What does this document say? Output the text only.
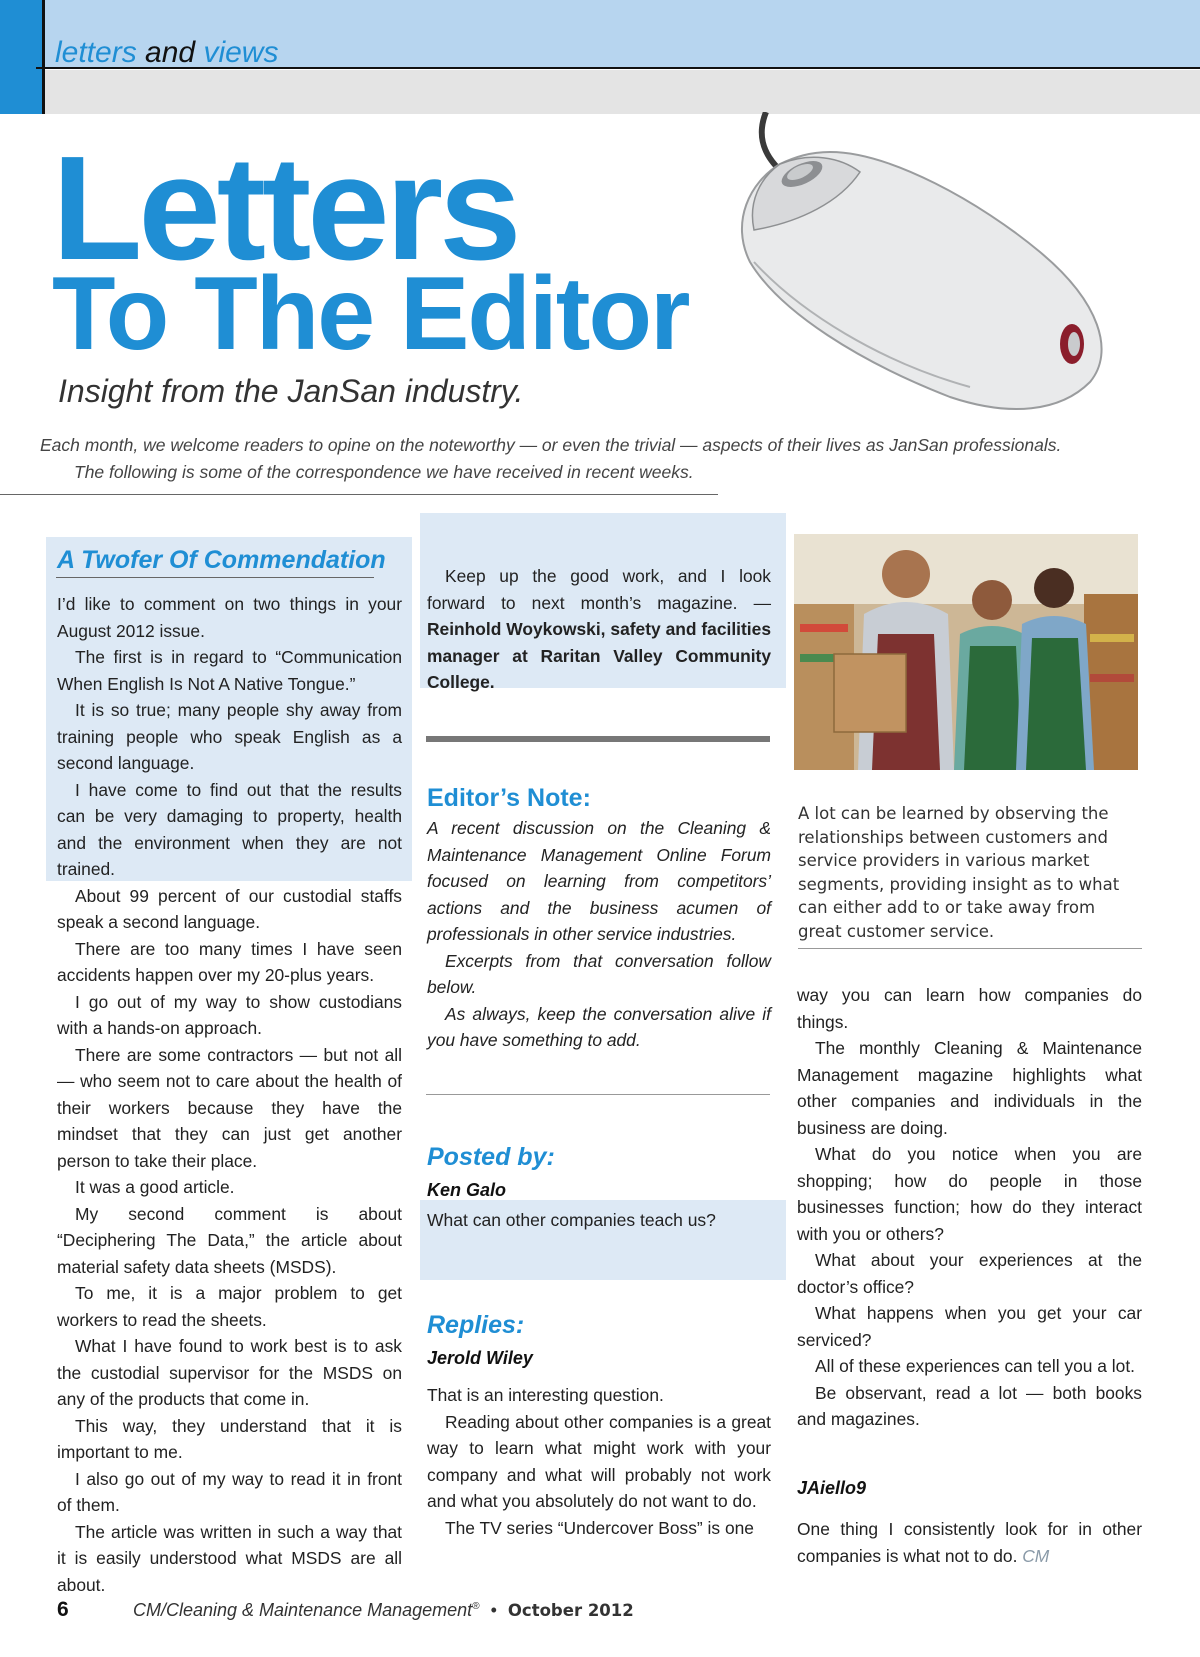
letters and views
Letters
To The Editor
Insight from the JanSan industry.
Each month, we welcome readers to opine on the noteworthy — or even the trivial — aspects of their lives as JanSan professionals.
The following is some of the correspondence we have received in recent weeks.
A Twofer Of Commendation

I’d like to comment on two things in your August 2012 issue.

The first is in regard to “Communication When English Is Not A Native Tongue.”

It is so true; many people shy away from training people who speak English as a second language.

I have come to find out that the results can be very damaging to property, health and the environment when they are not trained.

About 99 percent of our custodial staffs speak a second language.

There are too many times I have seen accidents happen over my 20-plus years.

I go out of my way to show custodians with a hands-on approach.

There are some contractors — but not all — who seem not to care about the health of their workers because they have the mindset that they can just get another person to take their place.

It was a good article.

My second comment is about “Deciphering The Data,” the article about material safety data sheets (MSDS).

To me, it is a major problem to get workers to read the sheets.

What I have found to work best is to ask the custodial supervisor for the MSDS on any of the products that come in.

This way, they understand that it is important to me.

I also go out of my way to read it in front of them.

The article was written in such a way that it is easily understood what MSDS are all about.

Keep up the good work, and I look forward to next month’s magazine. — Reinhold Woykowski, safety and facilities manager at Raritan Valley Community College.

Editor’s Note:

A recent discussion on the Cleaning & Maintenance Management Online Forum focused on learning from competitors’ actions and the business acumen of professionals in other service industries.

Excerpts from that conversation follow below.

As always, keep the conversation alive if you have something to add.

Posted by:
Ken Galo
What can other companies teach us?
Replies:
Jerold Wiley

That is an interesting question.

Reading about other companies is a great way to learn what might work with your company and what will probably not work and what you absolutely do not want to do.

The TV series “Undercover Boss” is one

A lot can be learned by observing the relationships between customers and service providers in various market segments, providing insight as to what can either add to or take away from great customer service.

way you can learn how companies do things.

The monthly Cleaning & Maintenance Management magazine highlights what other companies and individuals in the business are doing.

What do you notice when you are shopping; how do people in those businesses function; how do they interact with you or others?

What about your experiences at the doctor’s office?

What happens when you get your car serviced?

All of these experiences can tell you a lot.

Be observant, read a lot — both books and magazines.

JAiello9

One thing I consistently look for in other companies is what not to do. CM

6	CM/Cleaning & Maintenance Management® • October 2012
